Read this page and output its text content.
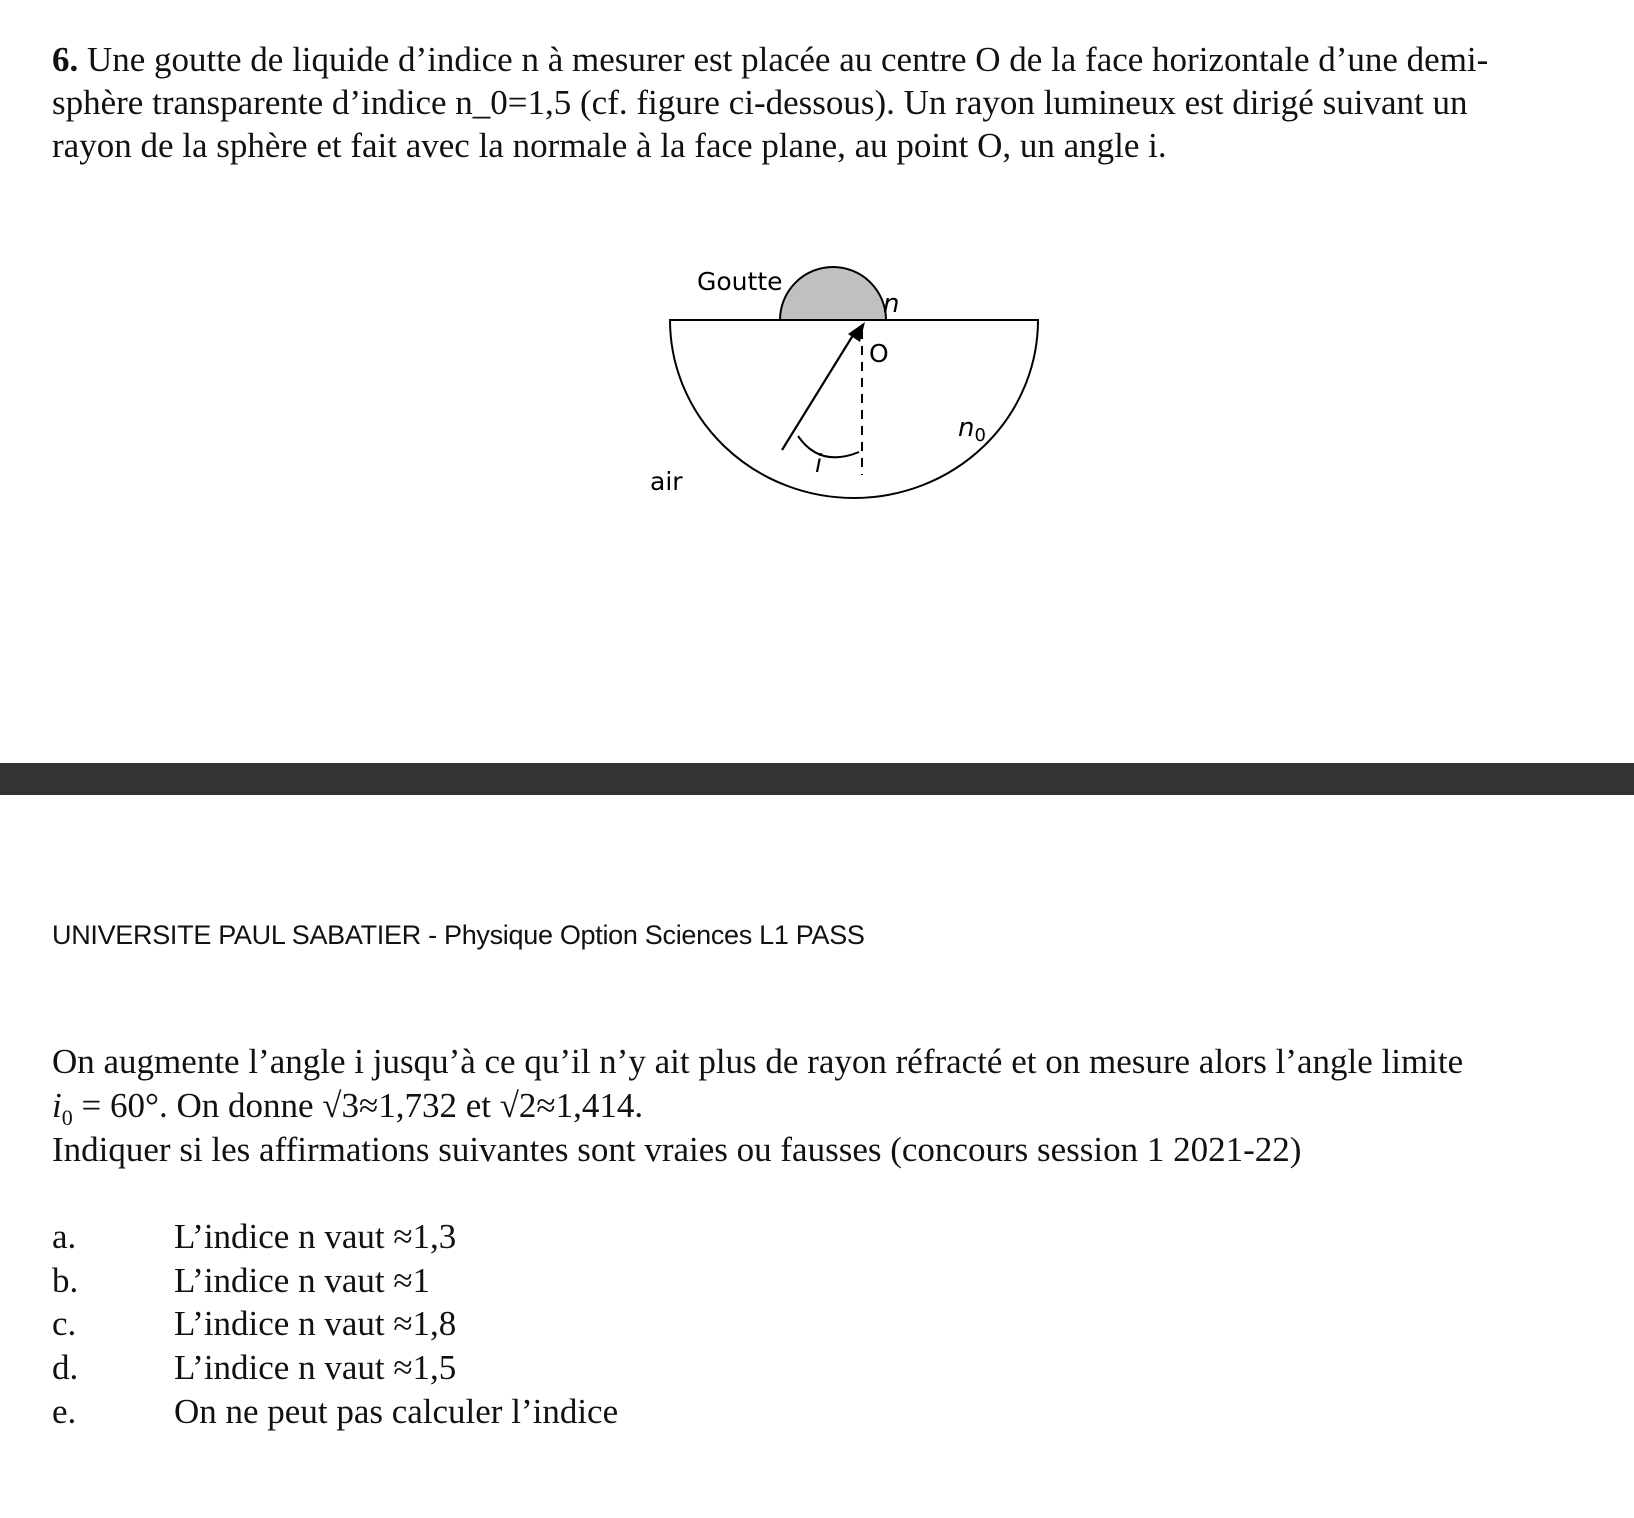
6. Une goutte de liquide d’indice n à mesurer est placée au centre O de la face horizontale d’une demi-
sphère transparente d’indice n_0=1,5 (cf. figure ci-dessous). Un rayon lumineux est dirigé suivant un
rayon de la sphère et fait avec la normale à la face plane, au point O, un angle i.
Goutte
n
O
n0
i
air
UNIVERSITE PAUL SABATIER - Physique Option Sciences L1 PASS
On augmente l’angle i jusqu’à ce qu’il n’y ait plus de rayon réfracté et on mesure alors l’angle limite
$i_0 = 60^\circ$. On donne √3≈1,732 et √2≈1,414.
Indiquer si les affirmations suivantes sont vraies ou fausses (concours session 1 2021-22)
a.	L’indice n vaut ≈1,3
b.	L’indice n vaut ≈1
c.	L’indice n vaut ≈1,8
d.	L’indice n vaut ≈1,5
e.	On ne peut pas calculer l’indice
